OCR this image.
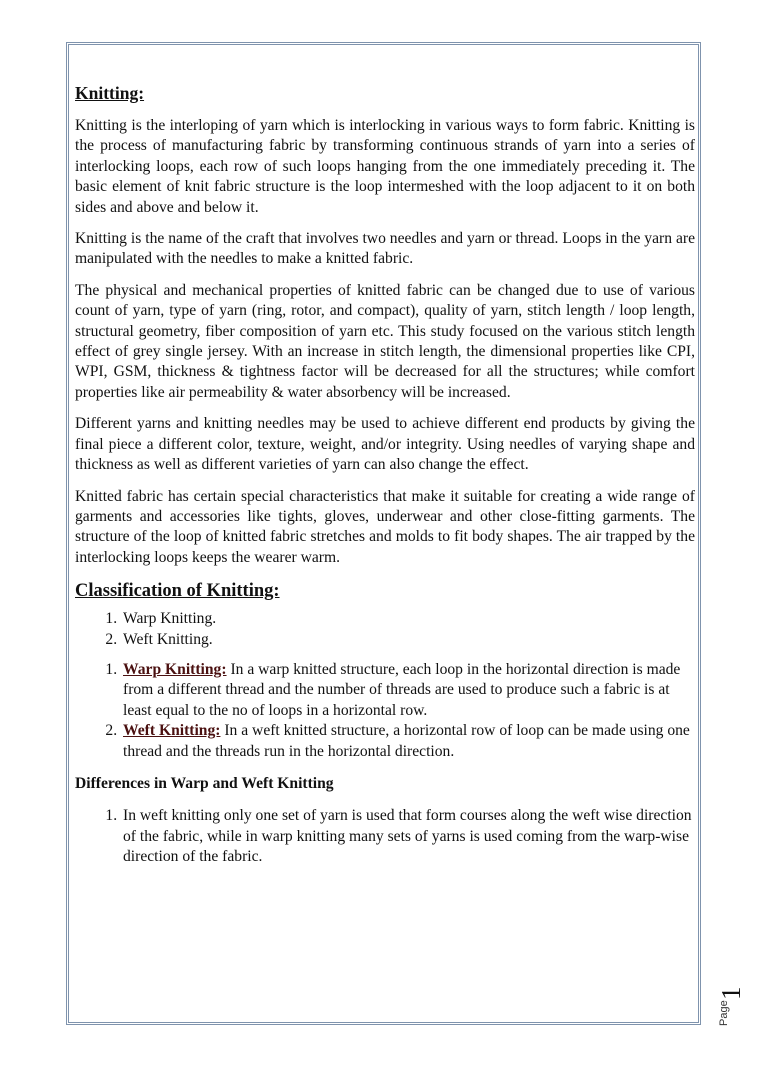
Knitting:

Knitting is the interloping of yarn which is interlocking in various ways to form fabric. Knitting is the process of manufacturing fabric by transforming continuous strands of yarn into a series of interlocking loops, each row of such loops hanging from the one immediately preceding it. The basic element of knit fabric structure is the loop intermeshed with the loop adjacent to it on both sides and above and below it.

Knitting is the name of the craft that involves two needles and yarn or thread. Loops in the yarn are manipulated with the needles to make a knitted fabric.

The physical and mechanical properties of knitted fabric can be changed due to use of various count of yarn, type of yarn (ring, rotor, and compact), quality of yarn, stitch length / loop length, structural geometry, fiber composition of yarn etc. This study focused on the various stitch length effect of grey single jersey. With an increase in stitch length, the dimensional properties like CPI, WPI, GSM, thickness & tightness factor will be decreased for all the structures; while comfort properties like air permeability & water absorbency will be increased.

Different yarns and knitting needles may be used to achieve different end products by giving the final piece a different color, texture, weight, and/or integrity. Using needles of varying shape and thickness as well as different varieties of yarn can also change the effect.

Knitted fabric has certain special characteristics that make it suitable for creating a wide range of garments and accessories like tights, gloves, underwear and other close-fitting garments. The structure of the loop of knitted fabric stretches and molds to fit body shapes. The air trapped by the interlocking loops keeps the wearer warm.

Classification of Knitting:
1. Warp Knitting.
2. Weft Knitting.
1. Warp Knitting: In a warp knitted structure, each loop in the horizontal direction is made from a different thread and the number of threads are used to produce such a fabric is at least equal to the no of loops in a horizontal row.
2. Weft Knitting: In a weft knitted structure, a horizontal row of loop can be made using one thread and the threads run in the horizontal direction.
Differences in Warp and Weft Knitting
1. In weft knitting only one set of yarn is used that form courses along the weft wise direction of the fabric, while in warp knitting many sets of yarns is used coming from the warp-wise direction of the fabric.
Page
1
